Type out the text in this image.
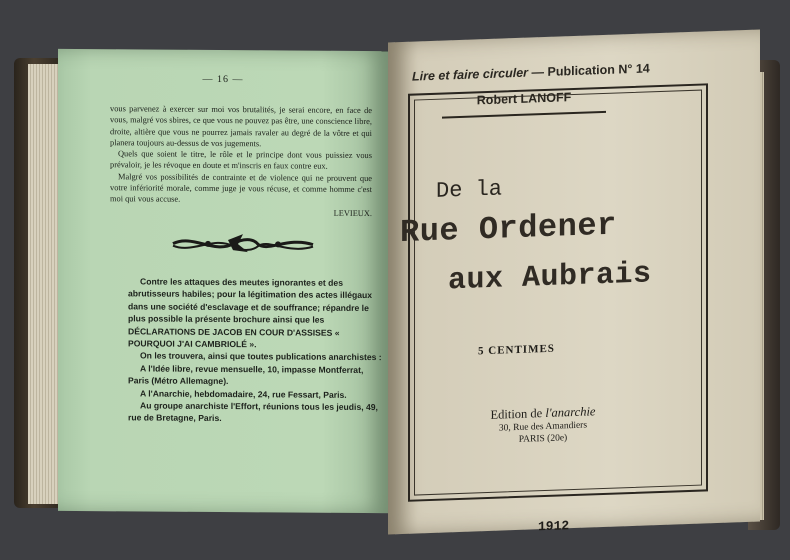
— 16 —

vous parvenez à exercer sur moi vos brutalités, je serai encore, en face de vous, malgré vos sbires, ce que vous ne pouvez pas être, une conscience libre, droite, altière que vous ne pourrez jamais ravaler au degré de la vôtre et qui planera toujours au-dessus de vos jugements.

Quels que soient le titre, le rôle et le principe dont vous puissiez vous prévaloir, je les révoque en doute et m'inscris en faux contre eux.

Malgré vos possibilités de contrainte et de violence qui ne prouvent que votre infériorité morale, comme juge je vous récuse, et comme homme c'est moi qui vous accuse.

LEVIEUX.

Contre les attaques des meutes ignorantes et des abrutisseurs habiles; pour la légitimation des actes illégaux dans une société d'esclavage et de souffrance; répandre le plus possible la présente brochure ainsi que les

DÉCLARATIONS DE JACOB EN COUR D'ASSISES « POURQUOI J'AI CAMBRIOLÉ ».

On les trouvera, ainsi que toutes publications anarchistes :

A l'Idée libre, revue mensuelle, 10, impasse Montferrat, Paris (Métro Allemagne).

A l'Anarchie, hebdomadaire, 24, rue Fessart, Paris.

Au groupe anarchiste l'Effort, réunions tous les jeudis, 49, rue de Bretagne, Paris.

Lire et faire circuler — Publication N° 14
Robert LANOFF
De la
Rue Ordener
aux Aubrais
5 CENTIMES
Edition de l'anarchie
30, Rue des Amandiers
PARIS (20e)
1912
